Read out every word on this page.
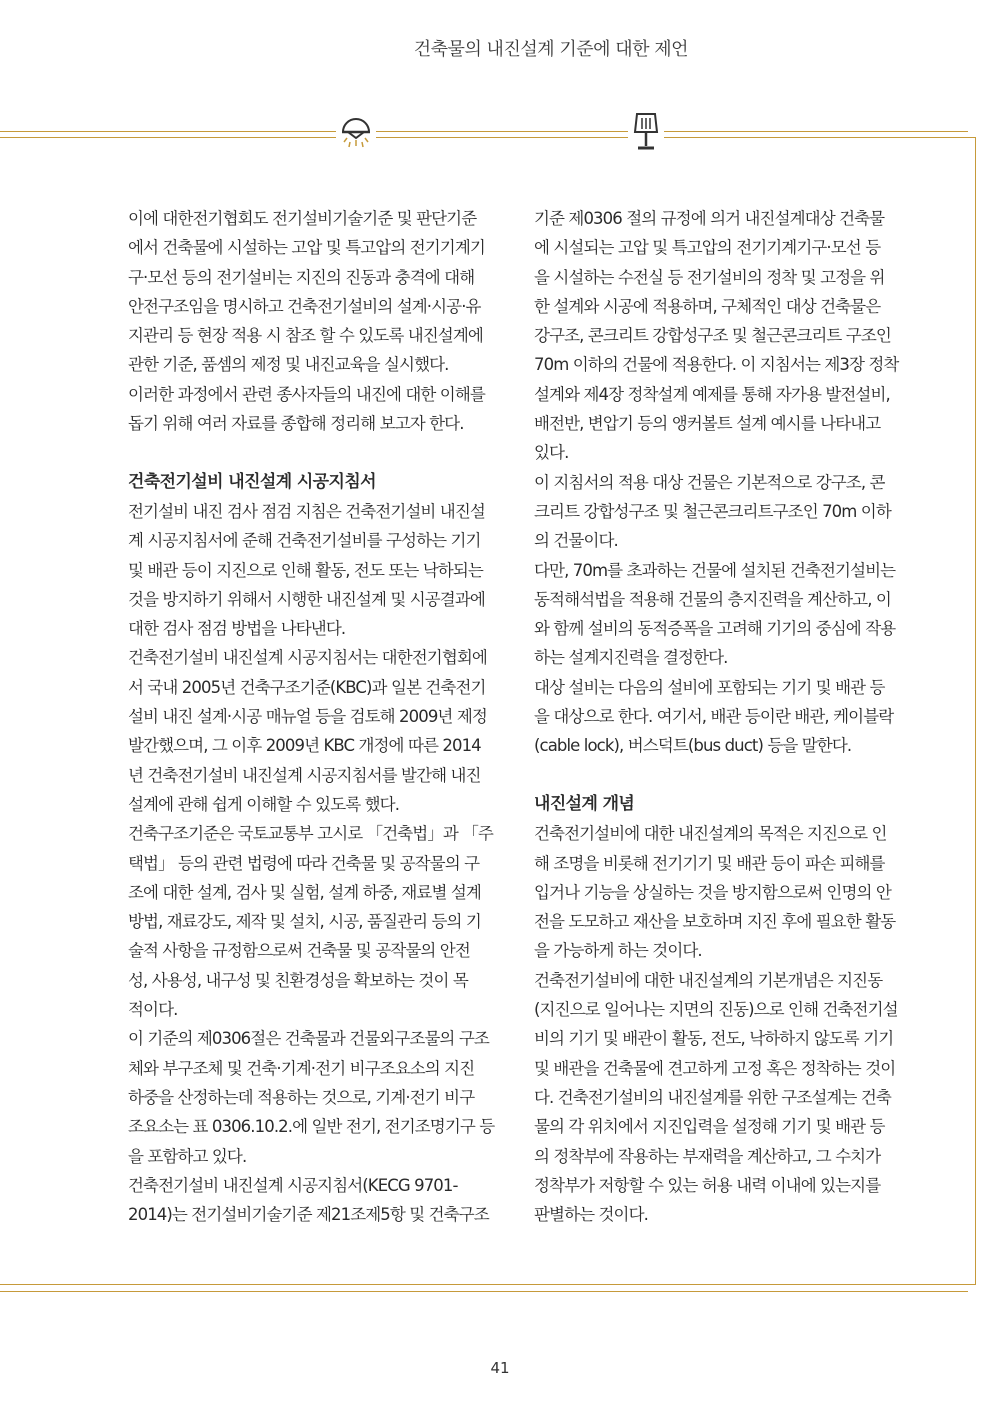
건축물의 내진설계 기준에 대한 제언
이에 대한전기협회도 전기설비기술기준 및 판단기준
에서 건축물에 시설하는 고압 및 특고압의 전기기계기
구·모선 등의 전기설비는 지진의 진동과 충격에 대해
안전구조임을 명시하고 건축전기설비의 설계·시공·유
지관리 등 현장 적용 시 참조 할 수 있도록 내진설계에
관한 기준, 품셈의 제정 및 내진교육을 실시했다.
이러한 과정에서 관련 종사자들의 내진에 대한 이해를
돕기 위해 여러 자료를 종합해 정리해 보고자 한다.
건축전기설비 내진설계 시공지침서
전기설비 내진 검사 점검 지침은 건축전기설비 내진설
계 시공지침서에 준해 건축전기설비를 구성하는 기기
및 배관 등이 지진으로 인해 활동, 전도 또는 낙하되는
것을 방지하기 위해서 시행한 내진설계 및 시공결과에
대한 검사 점검 방법을 나타낸다.
건축전기설비 내진설계 시공지침서는 대한전기협회에
서 국내 2005년 건축구조기준(KBC)과 일본 건축전기
설비 내진 설계·시공 매뉴얼 등을 검토해 2009년 제정
발간했으며, 그 이후 2009년 KBC 개정에 따른 2014
년 건축전기설비 내진설계 시공지침서를 발간해 내진
설계에 관해 쉽게 이해할 수 있도록 했다.
건축구조기준은 국토교통부 고시로 「건축법」과 「주
택법」 등의 관련 법령에 따라 건축물 및 공작물의 구
조에 대한 설계, 검사 및 실험, 설계 하중, 재료별 설계
방법, 재료강도, 제작 및 설치, 시공, 품질관리 등의 기
술적 사항을 규정함으로써 건축물 및 공작물의 안전
성, 사용성, 내구성 및 친환경성을 확보하는 것이 목
적이다.
이 기준의 제0306절은 건축물과 건물외구조물의 구조
체와 부구조체 및 건축·기계·전기 비구조요소의 지진
하중을 산정하는데 적용하는 것으로, 기계·전기 비구
조요소는 표 0306.10.2.에 일반 전기, 전기조명기구 등
을 포함하고 있다.
건축전기설비 내진설계 시공지침서(KECG 9701-
2014)는 전기설비기술기준 제21조제5항 및 건축구조
기준 제0306 절의 규정에 의거 내진설계대상 건축물
에 시설되는 고압 및 특고압의 전기기계기구·모선 등
을 시설하는 수전실 등 전기설비의 정착 및 고정을 위
한 설계와 시공에 적용하며, 구체적인 대상 건축물은
강구조, 콘크리트 강합성구조 및 철근콘크리트 구조인
70m 이하의 건물에 적용한다. 이 지침서는 제3장 정착
설계와 제4장 정착설계 예제를 통해 자가용 발전설비,
배전반, 변압기 등의 앵커볼트 설계 예시를 나타내고
있다.
이 지침서의 적용 대상 건물은 기본적으로 강구조, 콘
크리트 강합성구조 및 철근콘크리트구조인 70m 이하
의 건물이다.
다만, 70m를 초과하는 건물에 설치된 건축전기설비는
동적해석법을 적용해 건물의 층지진력을 계산하고, 이
와 함께 설비의 동적증폭을 고려해 기기의 중심에 작용
하는 설계지진력을 결정한다.
대상 설비는 다음의 설비에 포함되는 기기 및 배관 등
을 대상으로 한다. 여기서, 배관 등이란 배관, 케이블락
(cable lock), 버스덕트(bus duct) 등을 말한다.
내진설계 개념
건축전기설비에 대한 내진설계의 목적은 지진으로 인
해 조명을 비롯해 전기기기 및 배관 등이 파손 피해를
입거나 기능을 상실하는 것을 방지함으로써 인명의 안
전을 도모하고 재산을 보호하며 지진 후에 필요한 활동
을 가능하게 하는 것이다.
건축전기설비에 대한 내진설계의 기본개념은 지진동
(지진으로 일어나는 지면의 진동)으로 인해 건축전기설
비의 기기 및 배관이 활동, 전도, 낙하하지 않도록 기기
및 배관을 건축물에 견고하게 고정 혹은 정착하는 것이
다. 건축전기설비의 내진설계를 위한 구조설계는 건축
물의 각 위치에서 지진입력을 설정해 기기 및 배관 등
의 정착부에 작용하는 부재력을 계산하고, 그 수치가
정착부가 저항할 수 있는 허용 내력 이내에 있는지를
판별하는 것이다.
41
